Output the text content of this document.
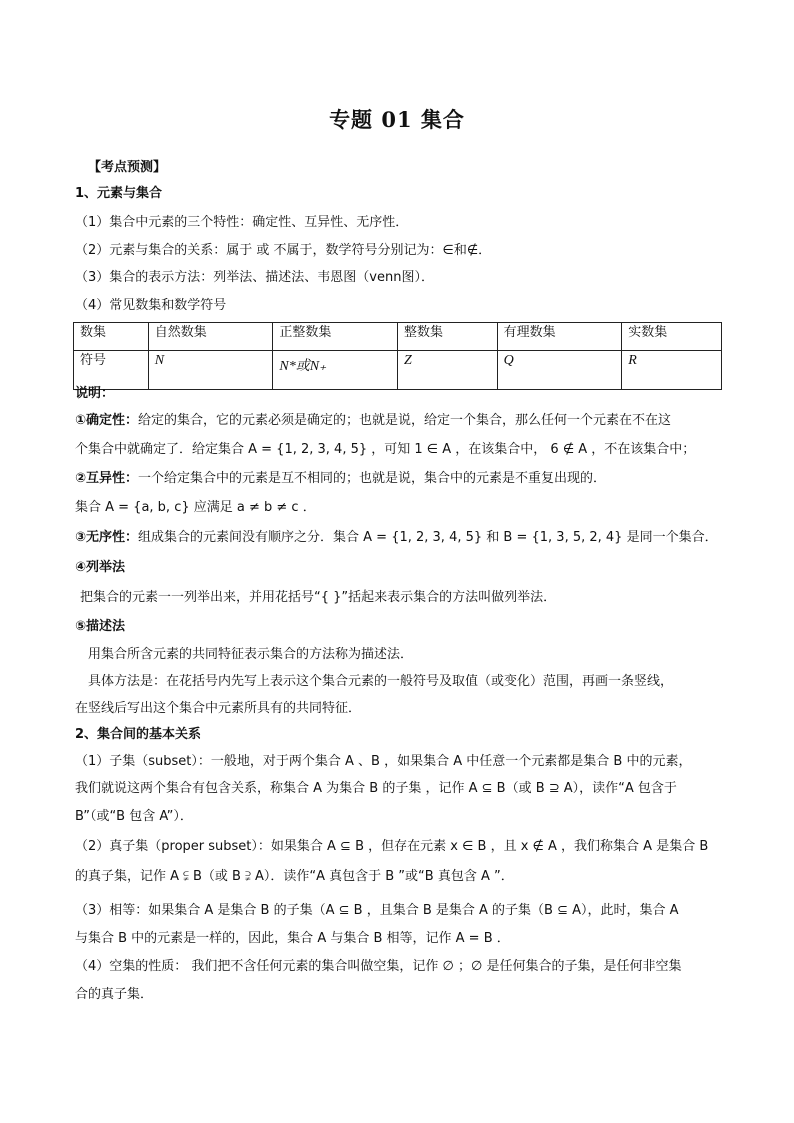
专题 01 集合
【考点预测】
1、元素与集合
（1）集合中元素的三个特性：确定性、互异性、无序性．
（2）元素与集合的关系：属于 或 不属于，数学符号分别记为：∈和∉．
（3）集合的表示方法：列举法、描述法、韦恩图（venn图）．
（4）常见数集和数学符号
数集	自然数集	正整数集	整数集	有理数集	实数集
符号	N	N*或N₊	Z	Q	R
说明：
①确定性：给定的集合，它的元素必须是确定的；也就是说，给定一个集合，那么任何一个元素在不在这
个集合中就确定了．给定集合 A = {1, 2, 3, 4, 5} ，可知 1 ∈ A ，在该集合中， 6 ∉ A ，不在该集合中；
②互异性：一个给定集合中的元素是互不相同的；也就是说，集合中的元素是不重复出现的．
集合 A = {a, b, c} 应满足 a ≠ b ≠ c ．
③无序性：组成集合的元素间没有顺序之分．集合 A = {1, 2, 3, 4, 5} 和 B = {1, 3, 5, 2, 4} 是同一个集合．
④列举法
把集合的元素一一列举出来，并用花括号“{ }”括起来表示集合的方法叫做列举法．
⑤描述法
用集合所含元素的共同特征表示集合的方法称为描述法．
具体方法是：在花括号内先写上表示这个集合元素的一般符号及取值（或变化）范围，再画一条竖线，
在竖线后写出这个集合中元素所具有的共同特征．
2、集合间的基本关系
（1）子集（subset）：一般地，对于两个集合 A 、B ，如果集合 A 中任意一个元素都是集合 B 中的元素，
我们就说这两个集合有包含关系，称集合 A 为集合 B 的子集 ，记作 A ⊆ B（或 B ⊇ A），读作“A 包含于
B”（或“B 包含 A”）．
（2）真子集（proper subset）：如果集合 A ⊆ B ，但存在元素 x ∈ B ，且 x ∉ A ，我们称集合 A 是集合 B
的真子集，记作 A ⫋ B（或 B ⫌ A）．读作“A 真包含于 B ”或“B 真包含 A ”．
（3）相等：如果集合 A 是集合 B 的子集（A ⊆ B ，且集合 B 是集合 A 的子集（B ⊆ A），此时，集合 A
与集合 B 中的元素是一样的，因此，集合 A 与集合 B 相等，记作 A = B ．
（4）空集的性质： 我们把不含任何元素的集合叫做空集，记作 ∅ ；∅ 是任何集合的子集，是任何非空集
合的真子集．
